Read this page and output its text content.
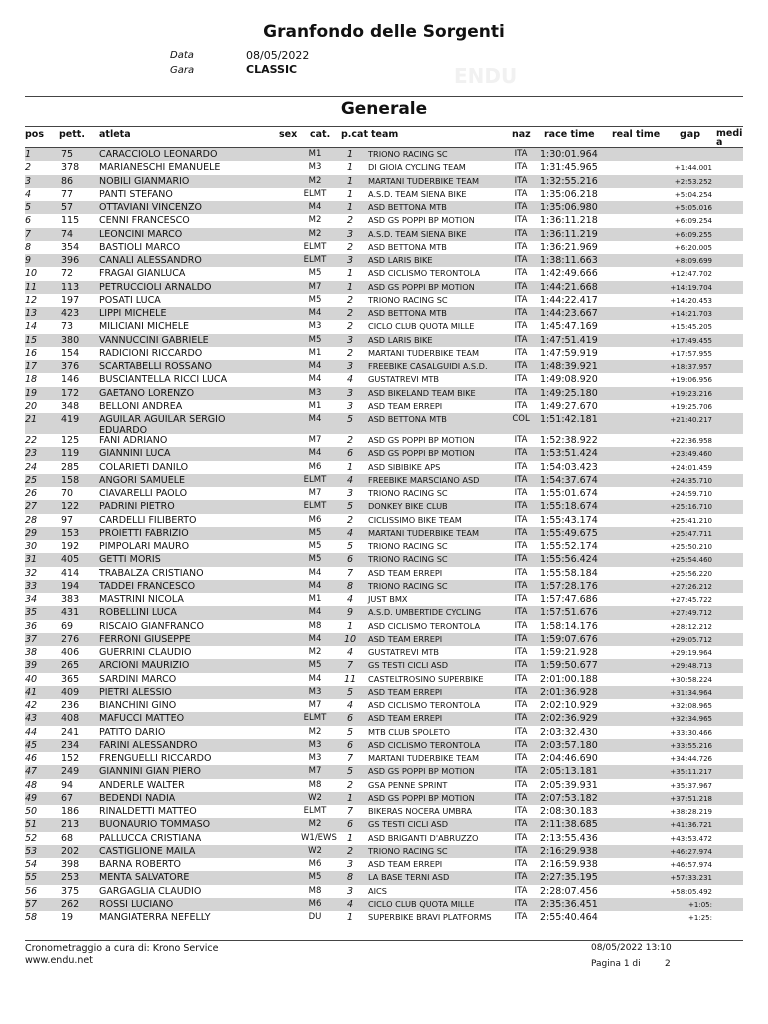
ENDU
Granfondo delle Sorgenti
Data	08/05/2022
Gara	CLASSIC
Generale
pos pett. atleta	sex cat. p.cat team	naz race time real time gap medi
a
1	75	CARACCIOLO LEONARDO	M1	1	TRIONO RACING SC	ITA	1:30:01.964
2	378	MARIANESCHI EMANUELE	M3	1	DI GIOIA CYCLING TEAM	ITA	1:31:45.965	+1:44.001
3	86	NOBILI GIANMARIO	M2	1	MARTANI TUDERBIKE TEAM	ITA	1:32:55.216	+2:53.252
4	77	PANTI STEFANO	ELMT	1	A.S.D. TEAM SIENA BIKE	ITA	1:35:06.218	+5:04.254
5	57	OTTAVIANI VINCENZO	M4	1	ASD BETTONA MTB	ITA	1:35:06.980	+5:05.016
6	115	CENNI FRANCESCO	M2	2	ASD GS POPPI BP MOTION	ITA	1:36:11.218	+6:09.254
7	74	LEONCINI MARCO	M2	3	A.S.D. TEAM SIENA BIKE	ITA	1:36:11.219	+6:09.255
8	354	BASTIOLI MARCO	ELMT	2	ASD BETTONA MTB	ITA	1:36:21.969	+6:20.005
9	396	CANALI ALESSANDRO	ELMT	3	ASD LARIS BIKE	ITA	1:38:11.663	+8:09.699
10	72	FRAGAI GIANLUCA	M5	1	ASD CICLISMO TERONTOLA	ITA	1:42:49.666	+12:47.702
11	113	PETRUCCIOLI ARNALDO	M7	1	ASD GS POPPI BP MOTION	ITA	1:44:21.668	+14:19.704
12	197	POSATI LUCA	M5	2	TRIONO RACING SC	ITA	1:44:22.417	+14:20.453
13	423	LIPPI MICHELE	M4	2	ASD BETTONA MTB	ITA	1:44:23.667	+14:21.703
14	73	MILICIANI MICHELE	M3	2	CICLO CLUB QUOTA MILLE	ITA	1:45:47.169	+15:45.205
15	380	VANNUCCINI GABRIELE	M5	3	ASD LARIS BIKE	ITA	1:47:51.419	+17:49.455
16	154	RADICIONI RICCARDO	M1	2	MARTANI TUDERBIKE TEAM	ITA	1:47:59.919	+17:57.955
17	376	SCARTABELLI ROSSANO	M4	3	FREEBIKE CASALGUIDI A.S.D.	ITA	1:48:39.921	+18:37.957
18	146	BUSCIANTELLA RICCI LUCA	M4	4	GUSTATREVI MTB	ITA	1:49:08.920	+19:06.956
19	172	GAETANO LORENZO	M3	3	ASD BIKELAND TEAM BIKE	ITA	1:49:25.180	+19:23.216
20	348	BELLONI ANDREA	M1	3	ASD TEAM ERREPI	ITA	1:49:27.670	+19:25.706
21	419	AGUILAR AGUILAR SERGIO EDUARDO
M4	5	ASD BETTONA MTB	COL	1:51:42.181	+21:40.217
22	125	FANI ADRIANO	M7	2	ASD GS POPPI BP MOTION	ITA	1:52:38.922	+22:36.958
23	119	GIANNINI LUCA	M4	6	ASD GS POPPI BP MOTION	ITA	1:53:51.424	+23:49.460
24	285	COLARIETI DANILO	M6	1	ASD SIBIBIKE APS	ITA	1:54:03.423	+24:01.459
25	158	ANGORI SAMUELE	ELMT	4	FREEBIKE MARSCIANO ASD	ITA	1:54:37.674	+24:35.710
26	70	CIAVARELLI PAOLO	M7	3	TRIONO RACING SC	ITA	1:55:01.674	+24:59.710
27	122	PADRINI PIETRO	ELMT	5	DONKEY BIKE CLUB	ITA	1:55:18.674	+25:16.710
28	97	CARDELLI FILIBERTO	M6	2	CICLISSIMO BIKE TEAM	ITA	1:55:43.174	+25:41.210
29	153	PROIETTI FABRIZIO	M5	4	MARTANI TUDERBIKE TEAM	ITA	1:55:49.675	+25:47.711
30	192	PIMPOLARI MAURO	M5	5	TRIONO RACING SC	ITA	1:55:52.174	+25:50.210
31	405	GETTI MORIS	M5	6	TRIONO RACING SC	ITA	1:55:56.424	+25:54.460
32	414	TRABALZA CRISTIANO	M4	7	ASD TEAM ERREPI	ITA	1:55:58.184	+25:56.220
33	194	TADDEI FRANCESCO	M4	8	TRIONO RACING SC	ITA	1:57:28.176	+27:26.212
34	383	MASTRINI NICOLA	M1	4	JUST BMX	ITA	1:57:47.686	+27:45.722
35	431	ROBELLINI LUCA	M4	9	A.S.D. UMBERTIDE CYCLING	ITA	1:57:51.676	+27:49.712
36	69	RISCAIO GIANFRANCO	M8	1	ASD CICLISMO TERONTOLA	ITA	1:58:14.176	+28:12.212
37	276	FERRONI GIUSEPPE	M4	10 ASD TEAM ERREPI	ITA	1:59:07.676	+29:05.712
38	406	GUERRINI CLAUDIO	M2	4	GUSTATREVI MTB	ITA	1:59:21.928	+29:19.964
39	265	ARCIONI MAURIZIO	M5	7	GS TESTI CICLI ASD	ITA	1:59:50.677	+29:48.713
40	365	SARDINI MARCO	M4	11 CASTELTROSINO SUPERBIKE	ITA	2:01:00.188	+30:58.224
41	409	PIETRI ALESSIO	M3	5	ASD TEAM ERREPI	ITA	2:01:36.928	+31:34.964
42	236	BIANCHINI GINO	M7	4	ASD CICLISMO TERONTOLA	ITA	2:02:10.929	+32:08.965
43	408	MAFUCCI MATTEO	ELMT	6	ASD TEAM ERREPI	ITA	2:02:36.929	+32:34.965
44	241	PATITO DARIO	M2	5	MTB CLUB SPOLETO	ITA	2:03:32.430	+33:30.466
45	234	FARINI ALESSANDRO	M3	6	ASD CICLISMO TERONTOLA	ITA	2:03:57.180	+33:55.216
46	152	FRENGUELLI RICCARDO	M3	7	MARTANI TUDERBIKE TEAM	ITA	2:04:46.690	+34:44.726
47	249	GIANNINI GIAN PIERO	M7	5	ASD GS POPPI BP MOTION	ITA	2:05:13.181	+35:11.217
48	94	ANDERLE WALTER	M8	2	GSA PENNE SPRINT	ITA	2:05:39.931	+35:37.967
49	67	BEDENDI NADIA	W2	1	ASD GS POPPI BP MOTION	ITA	2:07:53.182	+37:51.218
50	186	RINALDETTI MATTEO	ELMT	7	BIKERAS NOCERA UMBRA	ITA	2:08:30.183	+38:28.219
51	213	BUONAURIO TOMMASO	M2	6	GS TESTI CICLI ASD	ITA	2:11:38.685	+41:36.721
52	68	PALLUCCA CRISTIANA	W1/EWS	1	ASD BRIGANTI D'ABRUZZO	ITA	2:13:55.436	+43:53.472
53	202	CASTIGLIONE MAILA	W2	2	TRIONO RACING SC	ITA	2:16:29.938	+46:27.974
54	398	BARNA ROBERTO	M6	3	ASD TEAM ERREPI	ITA	2:16:59.938	+46:57.974
55	253	MENTA SALVATORE	M5	8	LA BASE TERNI ASD	ITA	2:27:35.195	+57:33.231
56	375	GARGAGLIA CLAUDIO	M8	3	AICS	ITA	2:28:07.456	+58:05.492
57	262	ROSSI LUCIANO	M6	4	CICLO CLUB QUOTA MILLE	ITA	2:35:36.451	+1:05:
58	19	MANGIATERRA NEFELLY	DU	1	SUPERBIKE BRAVI PLATFORMS	ITA	2:55:40.464	+1:25:
Cronometraggio a cura di: Krono Service
www.endu.net
08/05/2022 13:10
Pagina 1 di	2
